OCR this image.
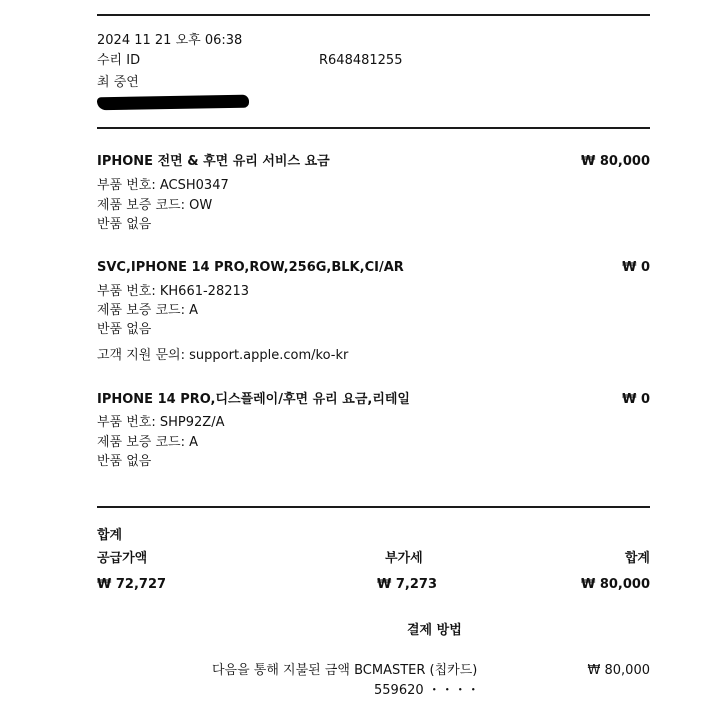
2024 11 21 오후 06:38
수리 ID	R648481255
최 중연
IPHONE 전면 & 후면 유리 서비스 요금	₩ 80,000
부품 번호: ACSH0347
제품 보증 코드: OW
반품 없음
SVC,IPHONE 14 PRO,ROW,256G,BLK,CI/AR	₩ 0
부품 번호: KH661-28213
제품 보증 코드: A
반품 없음
고객 지원 문의: support.apple.com/ko-kr
IPHONE 14 PRO,디스플레이/후면 유리 요금,리테일	₩ 0
부품 번호: SHP92Z/A
제품 보증 코드: A
반품 없음
합계
공급가액	부가세	합계
₩ 72,727	₩ 7,273	₩ 80,000
결제 방법
다음을 통해 지불된 금액 BCMASTER (칩카드)	₩ 80,000
559620 ・・・・
